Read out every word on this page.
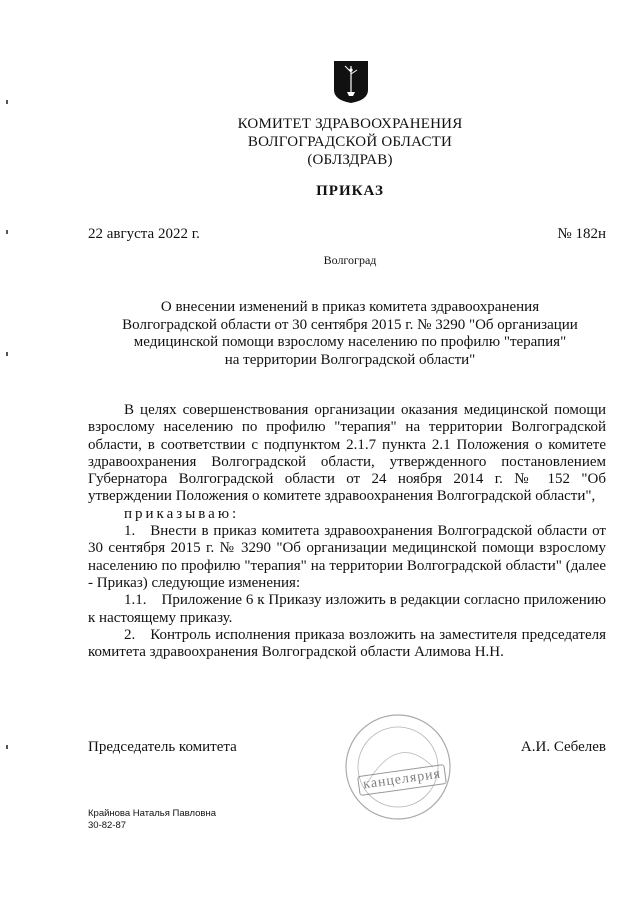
КОМИТЕТ ЗДРАВООХРАНЕНИЯ
ВОЛГОГРАДСКОЙ ОБЛАСТИ
(ОБЛЗДРАВ)
ПРИКАЗ
22 августа 2022 г.	№ 182н
Волгоград
О внесении изменений в приказ комитета здравоохранения
Волгоградской области от 30 сентября 2015 г. № 3290 "Об организации
медицинской помощи взрослому населению по профилю "терапия"
на территории Волгоградской области"

В целях совершенствования организации оказания медицинской помощи взрослому населению по профилю "терапия" на территории Волгоградской области, в соответствии с подпунктом 2.1.7 пункта 2.1 Положения о комитете здравоохранения Волгоградской области, утвержденного постановлением Губернатора Волгоградской области от 24 ноября 2014 г. № 152 "Об утверждении Положения о комитете здравоохранения Волгоградской области",

приказываю:

1. Внести в приказ комитета здравоохранения Волгоградской области от 30 сентября 2015 г. № 3290 "Об организации медицинской помощи взрослому населению по профилю "терапия" на территории Волгоградской области" (далее - Приказ) следующие изменения:

1.1. Приложение 6 к Приказу изложить в редакции согласно приложению к настоящему приказу.

2. Контроль исполнения приказа возложить на заместителя председателя комитета здравоохранения Волгоградской области Алимова Н.Н.

Председатель комитета	А.И. Себелев
канцелярия
Крайнова Наталья Павловна
30-82-87
